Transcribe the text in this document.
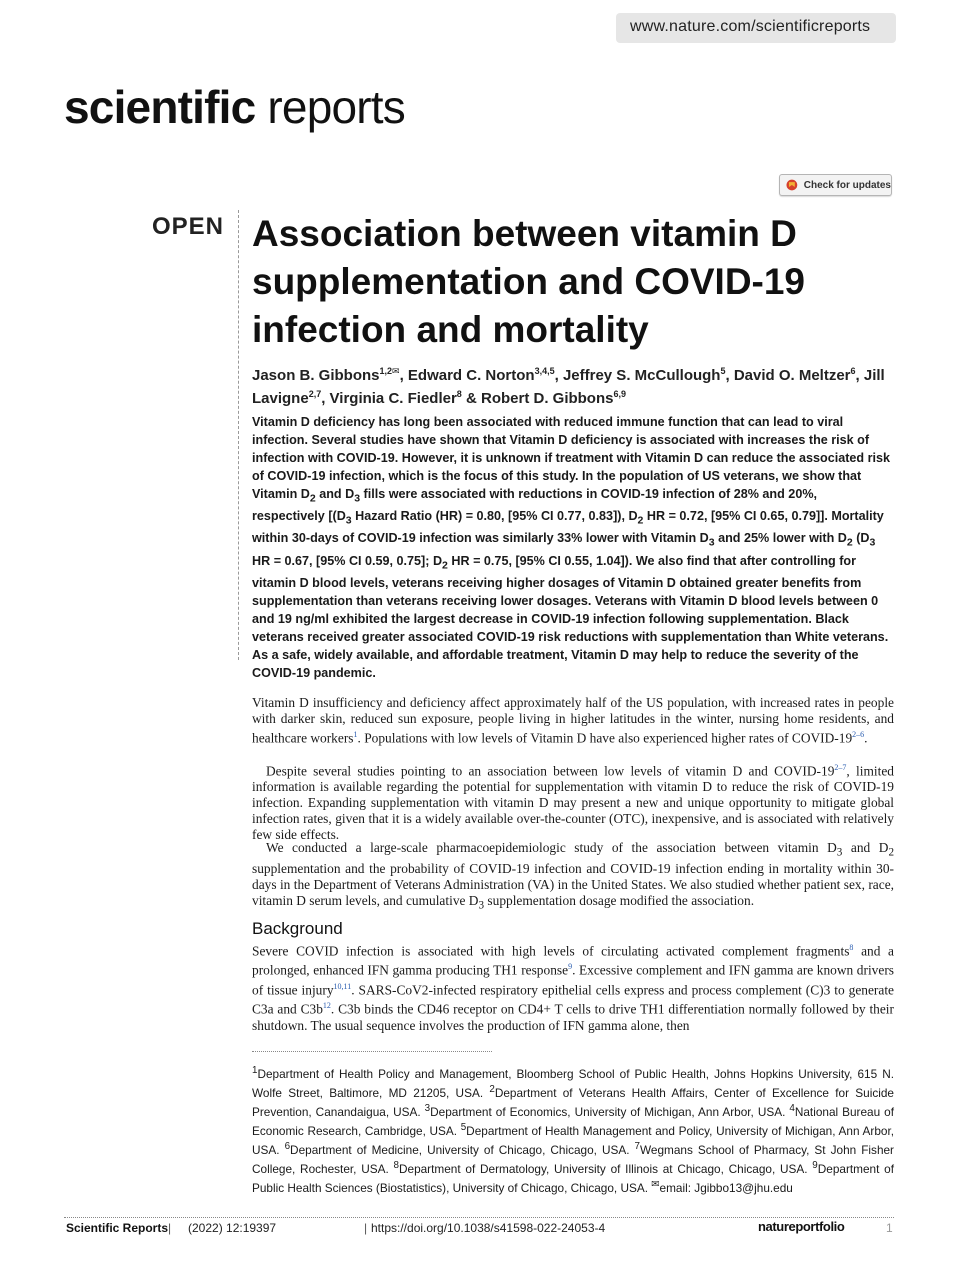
www.nature.com/scientificreports
scientific reports
Check for updates
OPEN Association between vitamin D supplementation and COVID-19 infection and mortality

Jason B. Gibbons$^{1,2✉}$, Edward C. Norton$^{3,4,5}$, Jeffrey S. McCullough$^5$, David O. Meltzer$^6$, Jill Lavigne$^{2,7}$, Virginia C. Fiedler$^8$ & Robert D. Gibbons$^{6,9}$

Vitamin D deficiency has long been associated with reduced immune function that can lead to viral infection. Several studies have shown that Vitamin D deficiency is associated with increases the risk of infection with COVID-19. However, it is unknown if treatment with Vitamin D can reduce the associated risk of COVID-19 infection, which is the focus of this study. In the population of US veterans, we show that Vitamin $D_2$ and $D_3$ fills were associated with reductions in COVID-19 infection of 28% and 20%, respectively [($D_3$ Hazard Ratio (HR) = 0.80, [95% CI 0.77, 0.83]), $D_2$ HR = 0.72, [95% CI 0.65, 0.79]]. Mortality within 30-days of COVID-19 infection was similarly 33% lower with Vitamin $D_3$ and 25% lower with $D_2$ ($D_3$ HR = 0.67, [95% CI 0.59, 0.75]; $D_2$ HR = 0.75, [95% CI 0.55, 1.04]). We also find that after controlling for vitamin D blood levels, veterans receiving higher dosages of Vitamin D obtained greater benefits from supplementation than veterans receiving lower dosages. Veterans with Vitamin D blood levels between 0 and 19 ng/ml exhibited the largest decrease in COVID-19 infection following supplementation. Black veterans received greater associated COVID-19 risk reductions with supplementation than White veterans. As a safe, widely available, and affordable treatment, Vitamin D may help to reduce the severity of the COVID-19 pandemic.

Vitamin D insufficiency and deficiency affect approximately half of the US population, with increased rates in people with darker skin, reduced sun exposure, people living in higher latitudes in the winter, nursing home residents, and healthcare workers$^1$. Populations with low levels of Vitamin D have also experienced higher rates of COVID-19$^{2-6}$.

Despite several studies pointing to an association between low levels of vitamin D and COVID-19$^{2-7}$, limited information is available regarding the potential for supplementation with vitamin D to reduce the risk of COVID-19 infection. Expanding supplementation with vitamin D may present a new and unique opportunity to mitigate global infection rates, given that it is a widely available over-the-counter (OTC), inexpensive, and is associated with relatively few side effects.

We conducted a large-scale pharmacoepidemiologic study of the association between vitamin $D_3$ and $D_2$ supplementation and the probability of COVID-19 infection and COVID-19 infection ending in mortality within 30-days in the Department of Veterans Administration (VA) in the United States. We also studied whether patient sex, race, vitamin D serum levels, and cumulative $D_3$ supplementation dosage modified the association.

Background

Severe COVID infection is associated with high levels of circulating activated complement fragments$^8$ and a prolonged, enhanced IFN gamma producing TH1 response$^9$. Excessive complement and IFN gamma are known drivers of tissue injury$^{10,11}$. SARS-CoV2-infected respiratory epithelial cells express and process complement (C)3 to generate C3a and C3b$^{12}$. C3b binds the CD46 receptor on CD4+ T cells to drive TH1 differentiation normally followed by their shutdown. The usual sequence involves the production of IFN gamma alone, then

$^1$Department of Health Policy and Management, Bloomberg School of Public Health, Johns Hopkins University, 615 N. Wolfe Street, Baltimore, MD 21205, USA. $^2$Department of Veterans Health Affairs, Center of Excellence for Suicide Prevention, Canandaigua, USA. $^3$Department of Economics, University of Michigan, Ann Arbor, USA. $^4$National Bureau of Economic Research, Cambridge, USA. $^5$Department of Health Management and Policy, University of Michigan, Ann Arbor, USA. $^6$Department of Medicine, University of Chicago, Chicago, USA. $^7$Wegmans School of Pharmacy, St John Fisher College, Rochester, USA. $^8$Department of Dermatology, University of Illinois at Chicago, Chicago, USA. $^9$Department of Public Health Sciences (Biostatistics), University of Chicago, Chicago, USA. ✉email: Jgibbo13@jhu.edu

Scientific Reports | (2022) 12:19397	| https://doi.org/10.1038/s41598-022-24053-4	natureportfolio	1
